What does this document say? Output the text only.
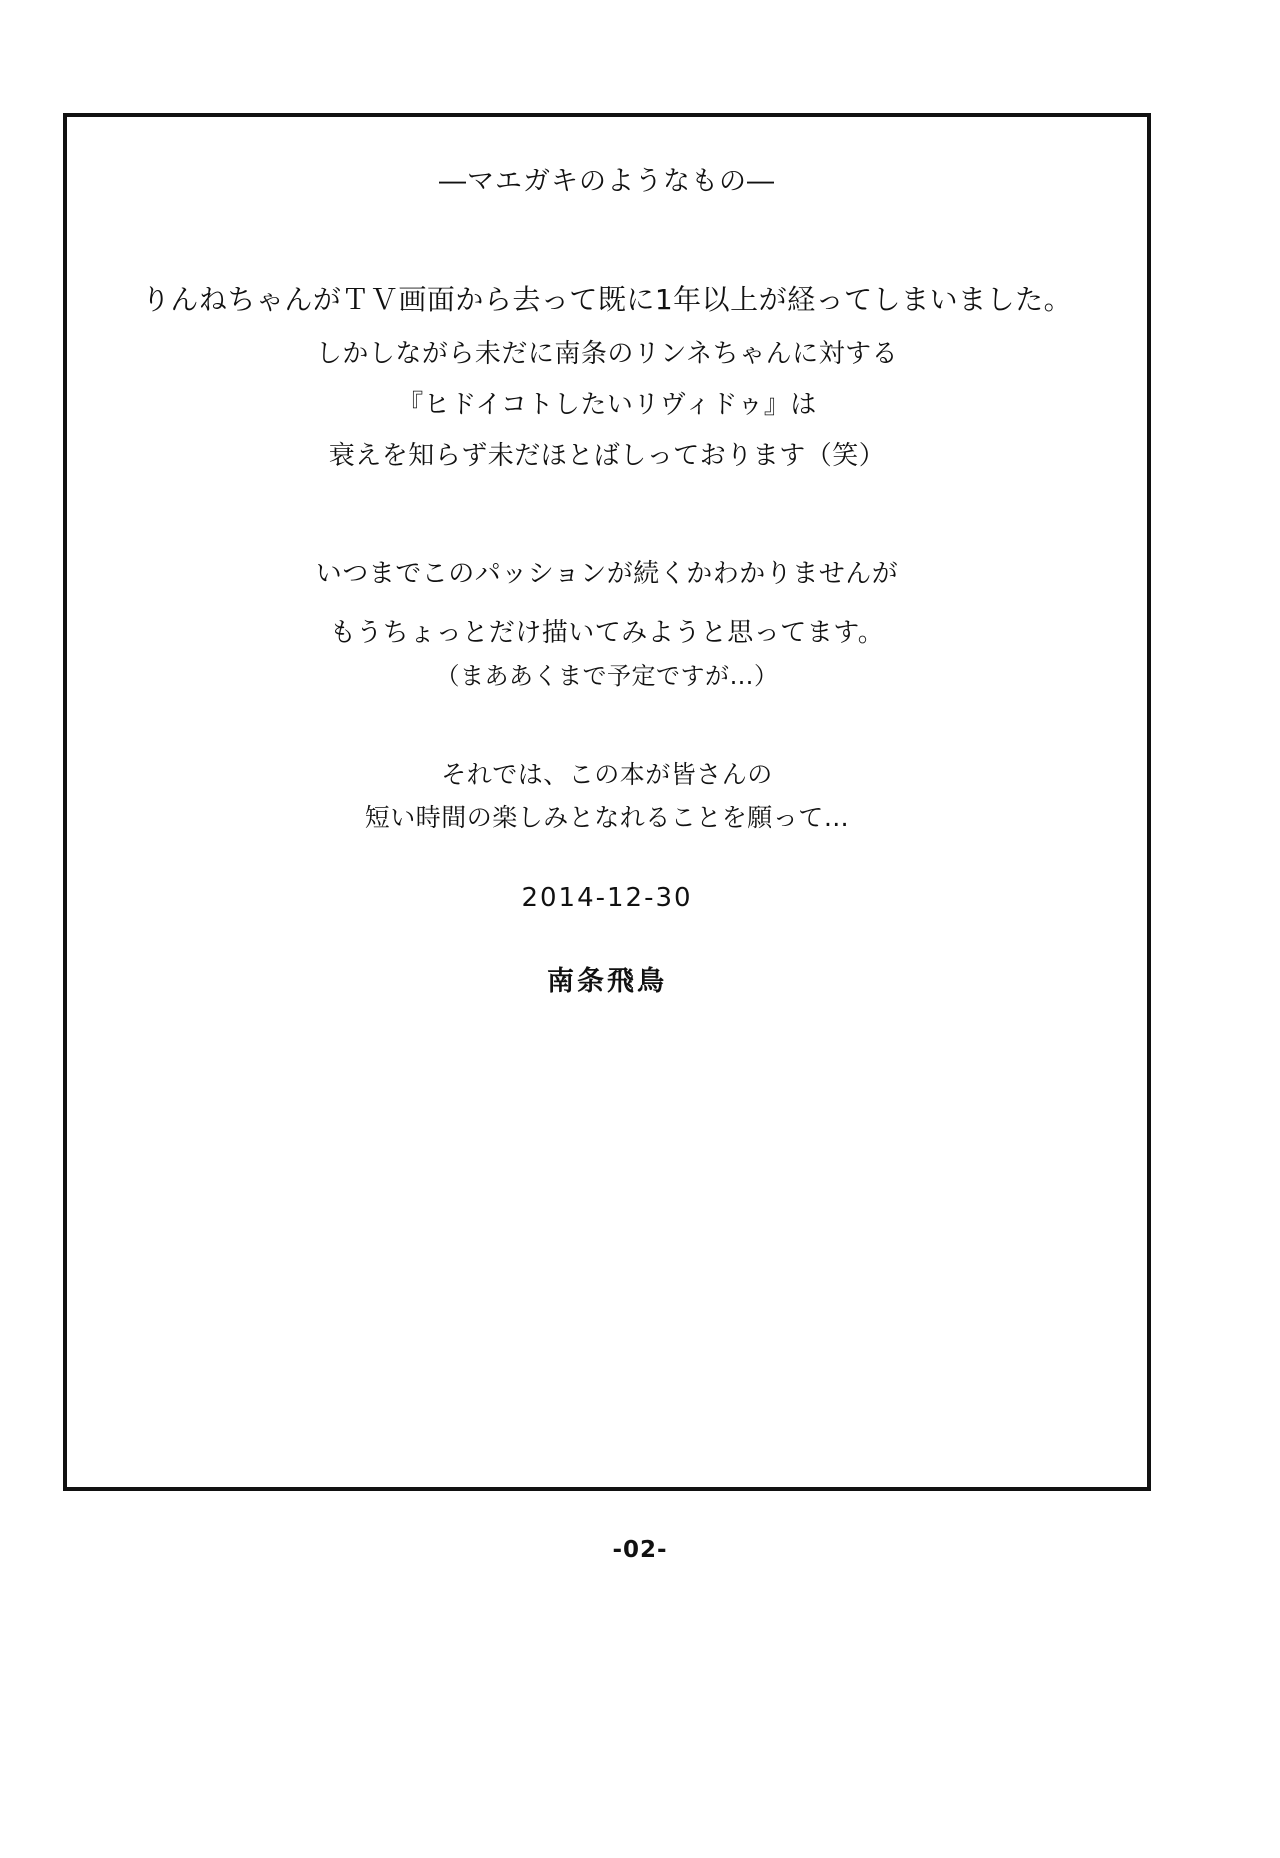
―マエガキのようなもの―
りんねちゃんがＴＶ画面から去って既に1年以上が経ってしまいました。
しかしながら未だに南条のリンネちゃんに対する
『ヒドイコトしたいリヴィドゥ』は
衰えを知らず未だほとばしっております（笑）
いつまでこのパッションが続くかわかりませんが
もうちょっとだけ描いてみようと思ってます。
（まああくまで予定ですが…）
それでは、この本が皆さんの
短い時間の楽しみとなれることを願って…
2014-12-30
南条飛鳥
-02-
